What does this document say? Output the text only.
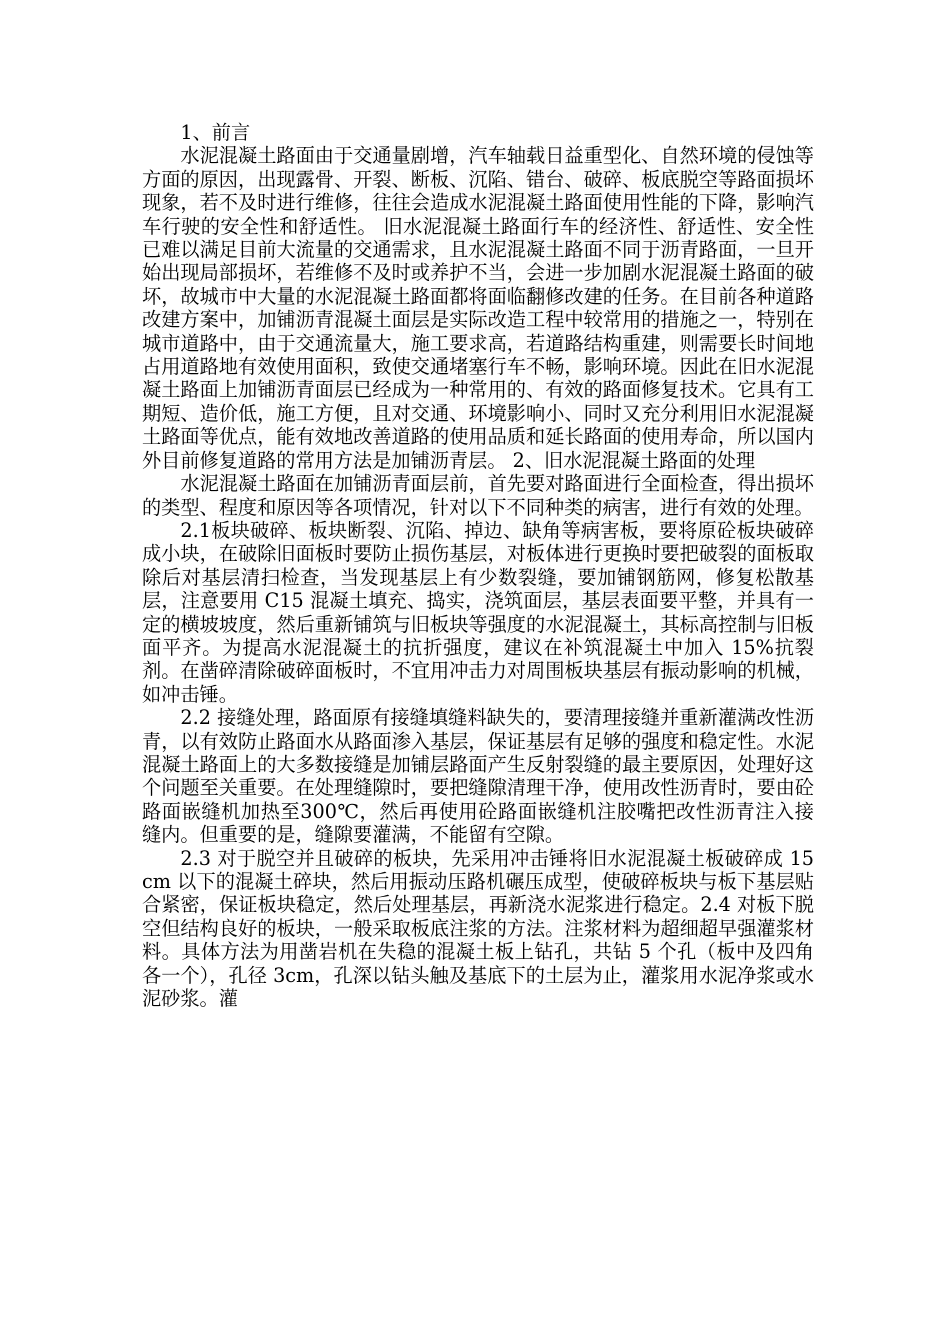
1、前言

水泥混凝土路面由于交通量剧增，汽车轴载日益重型化、自然环境的侵蚀等方面的原因，出现露骨、开裂、断板、沉陷、错台、破碎、板底脱空等路面损坏现象，若不及时进行维修，往往会造成水泥混凝土路面使用性能的下降，影响汽车行驶的安全性和舒适性。 旧水泥混凝土路面行车的经济性、舒适性、安全性已难以满足目前大流量的交通需求，且水泥混凝土路面不同于沥青路面，一旦开始出现局部损坏，若维修不及时或养护不当，会进一步加剧水泥混凝土路面的破坏，故城市中大量的水泥混凝土路面都将面临翻修改建的任务。在目前各种道路改建方案中，加铺沥青混凝土面层是实际改造工程中较常用的措施之一，特别在城市道路中，由于交通流量大，施工要求高，若道路结构重建，则需要长时间地占用道路地有效使用面积，致使交通堵塞行车不畅，影响环境。因此在旧水泥混凝土路面上加铺沥青面层已经成为一种常用的、有效的路面修复技术。它具有工期短、造价低，施工方便，且对交通、环境影响小、同时又充分利用旧水泥混凝土路面等优点，能有效地改善道路的使用品质和延长路面的使用寿命，所以国内外目前修复道路的常用方法是加铺沥青层。 2、旧水泥混凝土路面的处理

水泥混凝土路面在加铺沥青面层前，首先要对路面进行全面检查，得出损坏的类型、程度和原因等各项情况，针对以下不同种类的病害，进行有效的处理。

2.1板块破碎、板块断裂、沉陷、掉边、缺角等病害板，要将原砼板块破碎成小块，在破除旧面板时要防止损伤基层，对板体进行更换时要把破裂的面板取除后对基层清扫检查，当发现基层上有少数裂缝，要加铺钢筋网，修复松散基层，注意要用 C15 混凝土填充、捣实，浇筑面层，基层表面要平整，并具有一定的横坡坡度，然后重新铺筑与旧板块等强度的水泥混凝土，其标高控制与旧板面平齐。为提高水泥混凝土的抗折强度，建议在补筑混凝土中加入 15%抗裂剂。在凿碎清除破碎面板时，不宜用冲击力对周围板块基层有振动影响的机械，如冲击锤。

2.2 接缝处理，路面原有接缝填缝料缺失的，要清理接缝并重新灌满改性沥青，以有效防止路面水从路面渗入基层，保证基层有足够的强度和稳定性。水泥混凝土路面上的大多数接缝是加铺层路面产生反射裂缝的最主要原因，处理好这个问题至关重要。在处理缝隙时，要把缝隙清理干净，使用改性沥青时，要由砼路面嵌缝机加热至300℃，然后再使用砼路面嵌缝机注胶嘴把改性沥青注入接缝内。但重要的是，缝隙要灌满，不能留有空隙。

2.3 对于脱空并且破碎的板块，先采用冲击锤将旧水泥混凝土板破碎成 15cm 以下的混凝土碎块，然后用振动压路机碾压成型，使破碎板块与板下基层贴合紧密，保证板块稳定，然后处理基层，再新浇水泥浆进行稳定。2.4 对板下脱空但结构良好的板块，一般采取板底注浆的方法。注浆材料为超细超早强灌浆材料。具体方法为用凿岩机在失稳的混凝土板上钻孔，共钻 5 个孔（板中及四角各一个），孔径 3cm，孔深以钻头触及基底下的土层为止，灌浆用水泥净浆或水泥砂浆。灌
